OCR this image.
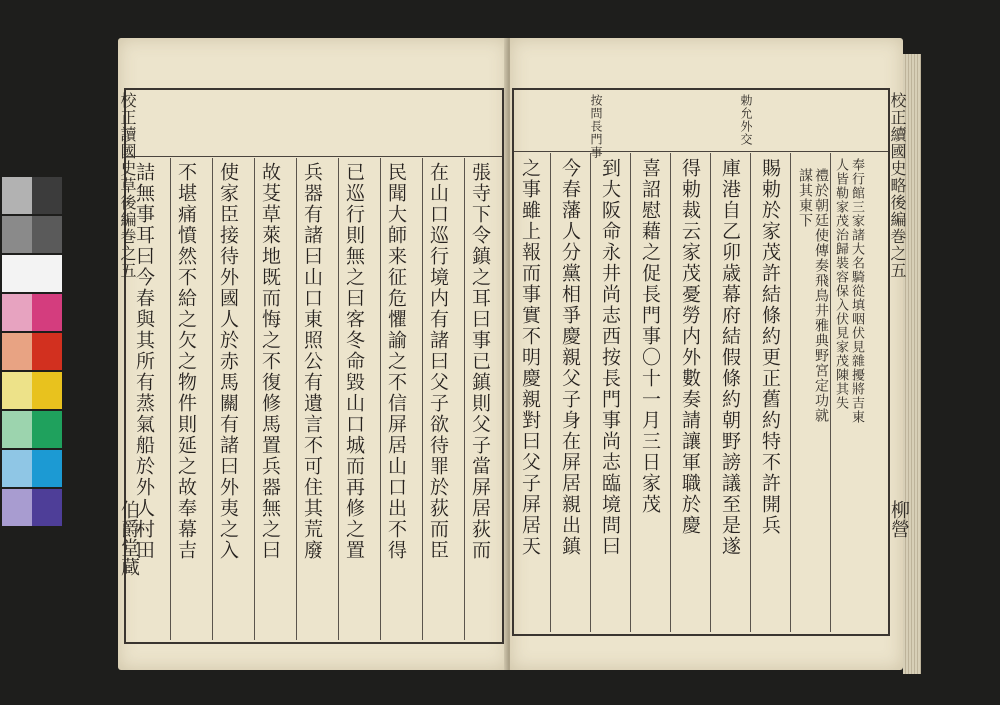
張寺下令鎮之耳曰事已鎮則父子當屏居荻而
在山口巡行境内有諸曰父子欲待罪於荻而臣
民聞大師来征危懼諭之不信屏居山口出不得
已巡行則無之曰客冬命毀山口城而再修之置
兵器有諸曰山口東照公有遺言不可住其荒廢
故芟草萊地既而悔之不復修馬置兵器無之曰
使家臣接待外國人於赤馬關有諸曰外夷之入
不堪痛憤然不給之欠之物件則延之故奉幕吉
詰無事耳曰今春與其所有蒸氣船於外人村田
校正讀國史草後編巻之五
伯爵堂蔵
勅允外交
按問長門事
奉行館三家諸大名騎從填咽伏見雜擾將吉東
人皆勒家茂治歸裝容保入伏見家茂陳其失
禮於朝廷使傳奏飛鳥井雅典野宮定功就
謀其東下
賜勅於家茂許結條約更正舊約特不許開兵
庫港自乙卯歳幕府結假條約朝野謗議至是遂
得勅裁云家茂憂勞内外數奏請讓軍職於慶
喜詔慰藉之促長門事〇十一月三日家茂
到大阪命永井尚志西按長門事尚志臨境問曰
今春藩人分黨相爭慶親父子身在屏居親出鎮
之事雖上報而事實不明慶親對曰父子屏居天	校正續國史略後編巻之五
柳營
